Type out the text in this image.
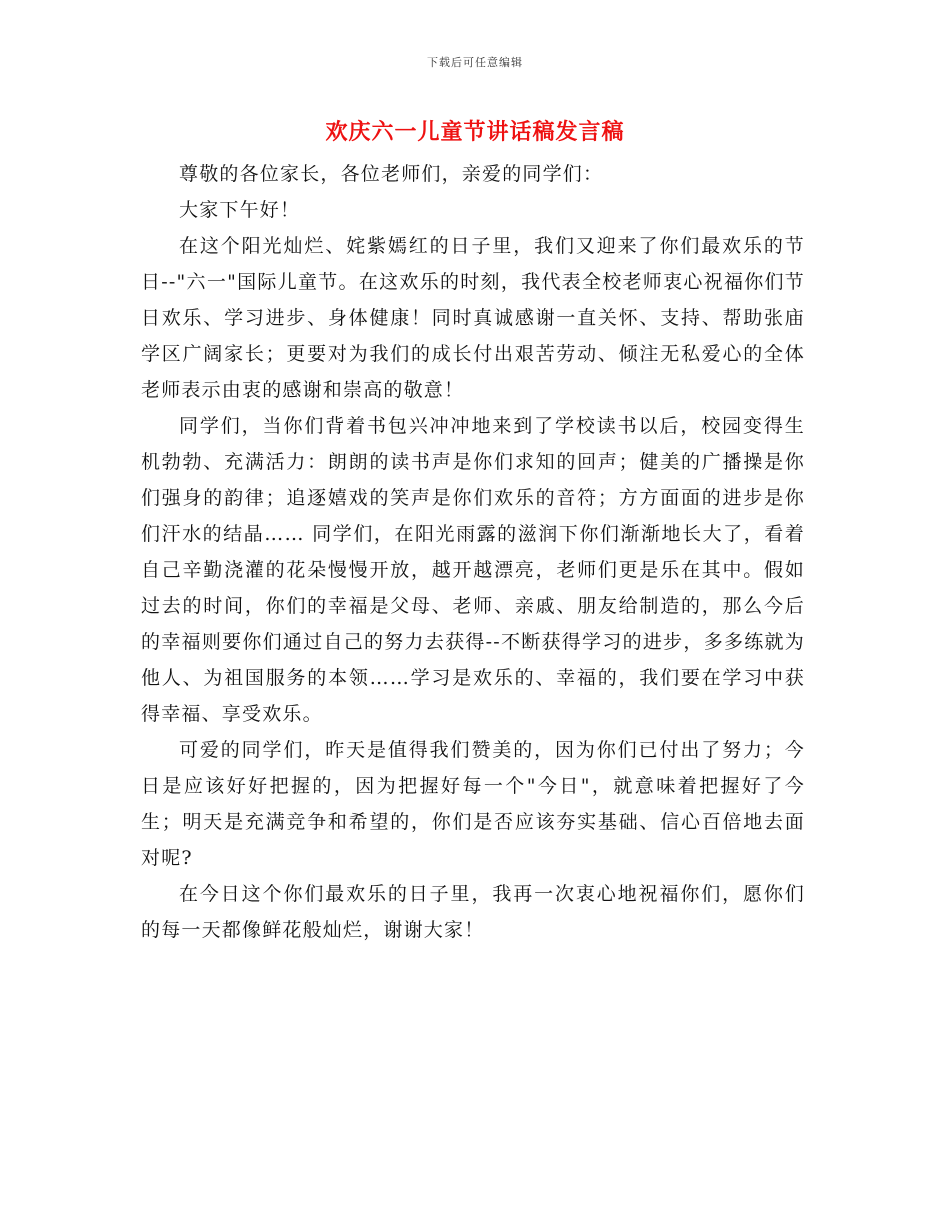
下载后可任意编辑
欢庆六一儿童节讲话稿发言稿

尊敬的各位家长，各位老师们，亲爱的同学们：

大家下午好！

在这个阳光灿烂、姹紫嫣红的日子里，我们又迎来了你们最欢乐的节日--"六一"国际儿童节。在这欢乐的时刻，我代表全校老师衷心祝福你们节日欢乐、学习进步、身体健康！同时真诚感谢一直关怀、支持、帮助张庙学区广阔家长；更要对为我们的成长付出艰苦劳动、倾注无私爱心的全体老师表示由衷的感谢和崇高的敬意！

同学们，当你们背着书包兴冲冲地来到了学校读书以后，校园变得生机勃勃、充满活力：朗朗的读书声是你们求知的回声；健美的广播操是你们强身的韵律；追逐嬉戏的笑声是你们欢乐的音符；方方面面的进步是你们汗水的结晶…… 同学们，在阳光雨露的滋润下你们渐渐地长大了，看着自己辛勤浇灌的花朵慢慢开放，越开越漂亮，老师们更是乐在其中。假如过去的时间，你们的幸福是父母、老师、亲戚、朋友给制造的，那么今后的幸福则要你们通过自己的努力去获得--不断获得学习的进步，多多练就为他人、为祖国服务的本领……学习是欢乐的、幸福的，我们要在学习中获得幸福、享受欢乐。

可爱的同学们，昨天是值得我们赞美的，因为你们已付出了努力；今日是应该好好把握的，因为把握好每一个"今日"，就意味着把握好了今生；明天是充满竞争和希望的，你们是否应该夯实基础、信心百倍地去面对呢?

在今日这个你们最欢乐的日子里，我再一次衷心地祝福你们，愿你们的每一天都像鲜花般灿烂，谢谢大家！
